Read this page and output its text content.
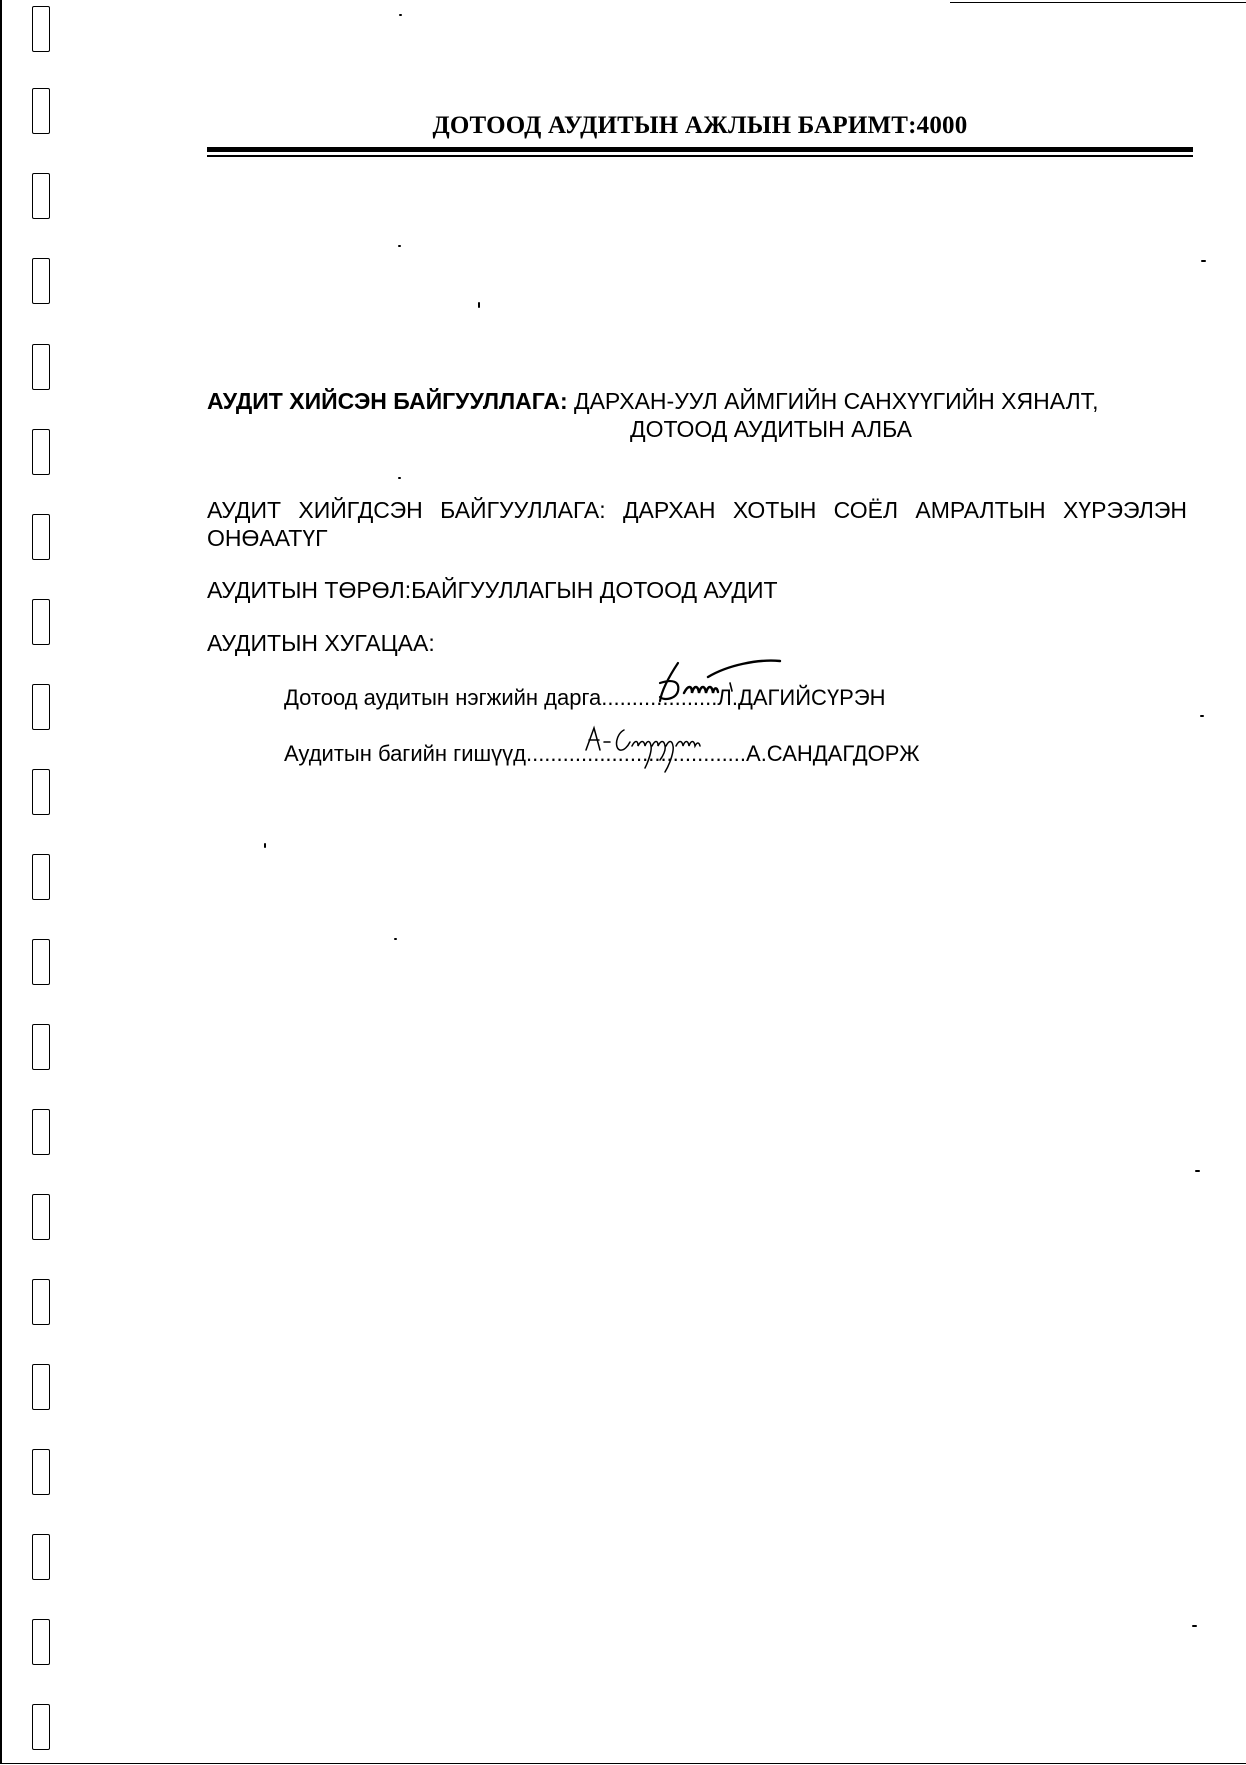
ДОТООД АУДИТЫН АЖЛЫН БАРИМТ:4000
АУДИТ ХИЙСЭН БАЙГУУЛЛАГА: ДАРХАН-УУЛ АЙМГИЙН САНХҮҮГИЙН ХЯНАЛТ,
ДОТООД АУДИТЫН АЛБА
АУДИТ ХИЙГДСЭН БАЙГУУЛЛАГА: ДАРХАН ХОТЫН СОЁЛ АМРАЛТЫН ХҮРЭЭЛЭН ОНӨААТҮГ
АУДИТЫН ТӨРӨЛ:БАЙГУУЛЛАГЫН ДОТООД АУДИТ
АУДИТЫН ХУГАЦАА:
Дотоод аудитын нэгжийн дарга...................Л.ДАГИЙСҮРЭН
Аудитын багийн гишүүд....................................А.САНДАГДОРЖ
